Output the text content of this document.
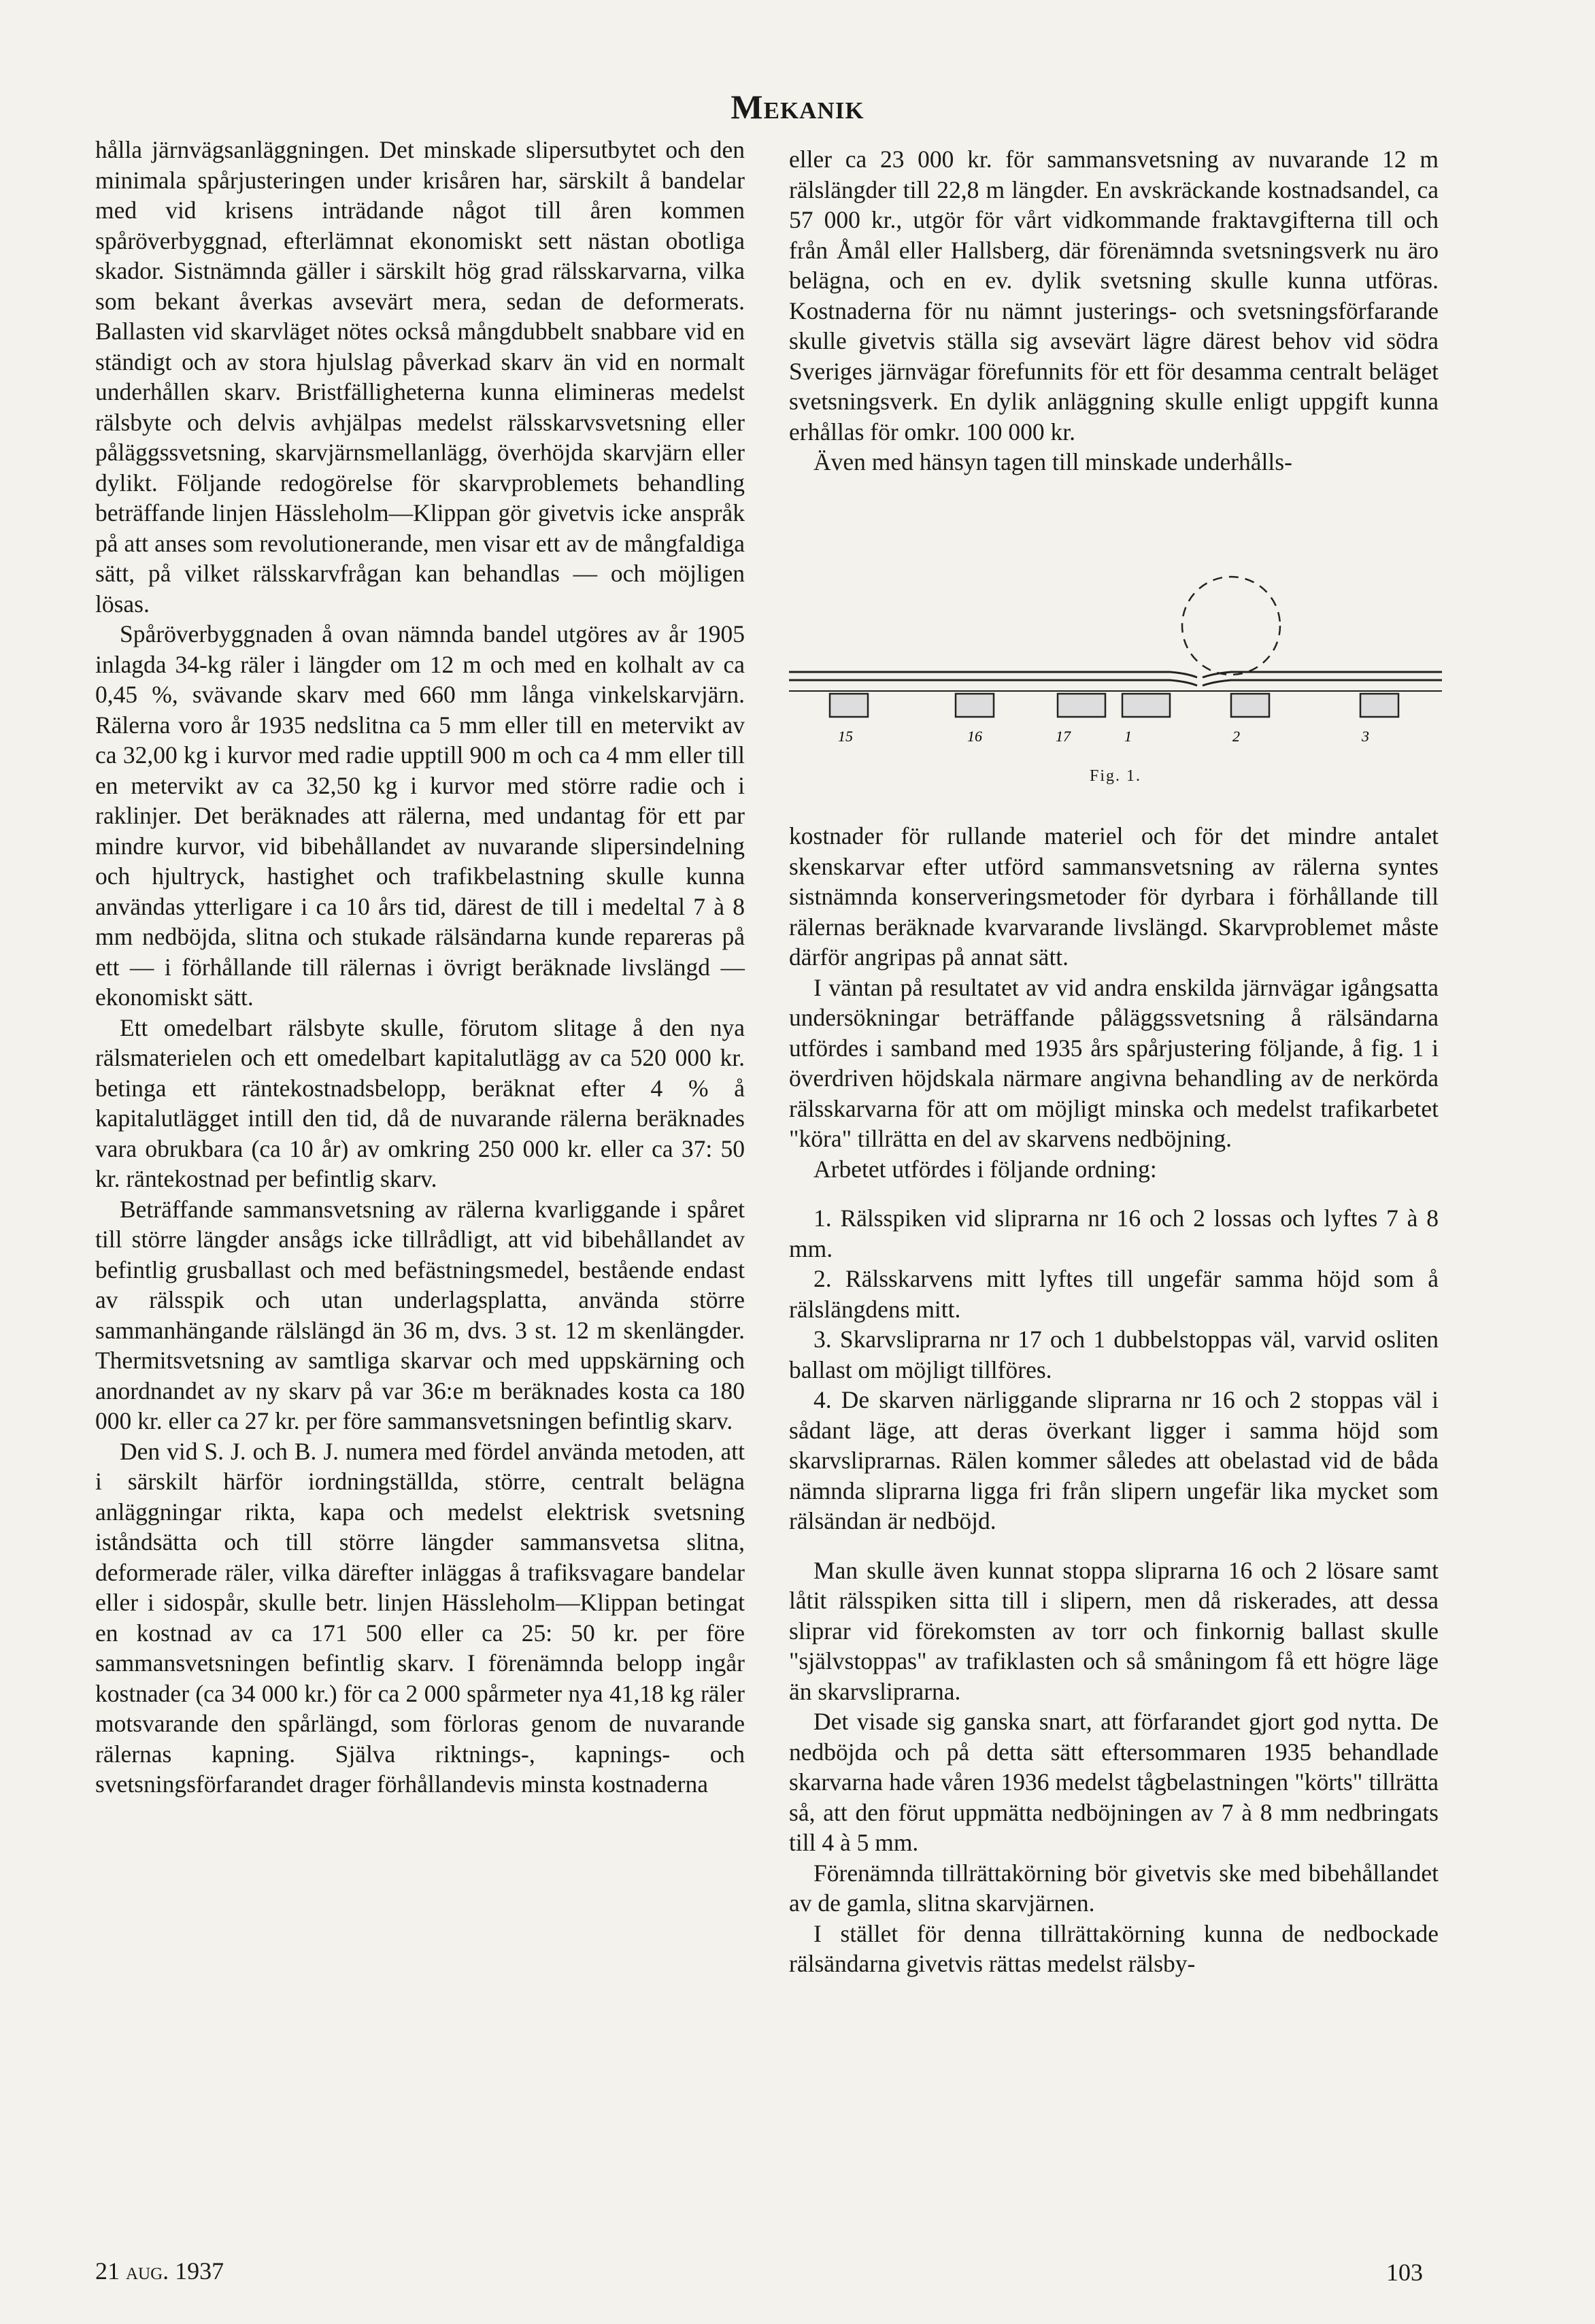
Mekanik

hålla järnvägsanläggningen. Det minskade slipersutbytet och den minimala spårjusteringen under krisåren har, särskilt å bandelar med vid krisens inträdande något till åren kommen spåröverbyggnad, efterlämnat ekonomiskt sett nästan obotliga skador. Sistnämnda gäller i särskilt hög grad rälsskarvarna, vilka som bekant åverkas avsevärt mera, sedan de deformerats. Ballasten vid skarvläget nötes också mångdubbelt snabbare vid en ständigt och av stora hjulslag påverkad skarv än vid en normalt underhållen skarv. Bristfälligheterna kunna elimineras medelst rälsbyte och delvis avhjälpas medelst rälsskarvsvetsning eller påläggssvetsning, skarvjärnsmellanlägg, överhöjda skarvjärn eller dylikt. Följande redogörelse för skarvproblemets behandling beträffande linjen Hässleholm—Klippan gör givetvis icke anspråk på att anses som revolutionerande, men visar ett av de mångfaldiga sätt, på vilket rälsskarvfrågan kan behandlas — och möjligen lösas.

Spåröverbyggnaden å ovan nämnda bandel utgöres av år 1905 inlagda 34-kg räler i längder om 12 m och med en kolhalt av ca 0,45 %, svävande skarv med 660 mm långa vinkelskarvjärn. Rälerna voro år 1935 nedslitna ca 5 mm eller till en metervikt av ca 32,00 kg i kurvor med radie upptill 900 m och ca 4 mm eller till en metervikt av ca 32,50 kg i kurvor med större radie och i raklinjer. Det beräknades att rälerna, med undantag för ett par mindre kurvor, vid bibehållandet av nuvarande slipersindelning och hjultryck, hastighet och trafikbelastning skulle kunna användas ytterligare i ca 10 års tid, därest de till i medeltal 7 à 8 mm nedböjda, slitna och stukade rälsändarna kunde repareras på ett — i förhållande till rälernas i övrigt beräknade livslängd — ekonomiskt sätt.

Ett omedelbart rälsbyte skulle, förutom slitage å den nya rälsmaterielen och ett omedelbart kapitalutlägg av ca 520 000 kr. betinga ett räntekostnadsbelopp, beräknat efter 4 % å kapitalutlägget intill den tid, då de nuvarande rälerna beräknades vara obrukbara (ca 10 år) av omkring 250 000 kr. eller ca 37: 50 kr. räntekostnad per befintlig skarv.

Beträffande sammansvetsning av rälerna kvarliggande i spåret till större längder ansågs icke tillrådligt, att vid bibehållandet av befintlig grusballast och med befästningsmedel, bestående endast av rälsspik och utan underlagsplatta, använda större sammanhängande rälslängd än 36 m, dvs. 3 st. 12 m skenlängder. Thermitsvetsning av samtliga skarvar och med uppskärning och anordnandet av ny skarv på var 36:e m beräknades kosta ca 180 000 kr. eller ca 27 kr. per före sammansvetsningen befintlig skarv.

Den vid S. J. och B. J. numera med fördel använda metoden, att i särskilt härför iordningställda, större, centralt belägna anläggningar rikta, kapa och medelst elektrisk svetsning iståndsätta och till större längder sammansvetsa slitna, deformerade räler, vilka därefter inläggas å trafiksvagare bandelar eller i sidospår, skulle betr. linjen Hässleholm—Klippan betingat en kostnad av ca 171 500 eller ca 25: 50 kr. per före sammansvetsningen befintlig skarv. I förenämnda belopp ingår kostnader (ca 34 000 kr.) för ca 2 000 spårmeter nya 41,18 kg räler motsvarande den spårlängd, som förloras genom de nuvarande rälernas kapning. Själva riktnings-, kapnings- och svetsningsförfarandet drager förhållandevis minsta kostnaderna

eller ca 23 000 kr. för sammansvetsning av nuvarande 12 m rälslängder till 22,8 m längder. En avskräckande kostnadsandel, ca 57 000 kr., utgör för vårt vidkommande fraktavgifterna till och från Åmål eller Hallsberg, där förenämnda svetsningsverk nu äro belägna, och en ev. dylik svetsning skulle kunna utföras. Kostnaderna för nu nämnt justerings- och svetsningsförfarande skulle givetvis ställa sig avsevärt lägre därest behov vid södra Sveriges järnvägar förefunnits för ett för desamma centralt beläget svetsningsverk. En dylik anläggning skulle enligt uppgift kunna erhållas för omkr. 100 000 kr.

Även med hänsyn tagen till minskade underhålls-

15	16	17	1	2	3
Fig. 1.

kostnader för rullande materiel och för det mindre antalet skenskarvar efter utförd sammansvetsning av rälerna syntes sistnämnda konserveringsmetoder för dyrbara i förhållande till rälernas beräknade kvarvarande livslängd. Skarvproblemet måste därför angripas på annat sätt.

I väntan på resultatet av vid andra enskilda järnvägar igångsatta undersökningar beträffande påläggssvetsning å rälsändarna utfördes i samband med 1935 års spårjustering följande, å fig. 1 i överdriven höjdskala närmare angivna behandling av de nerkörda rälsskarvarna för att om möjligt minska och medelst trafikarbetet "köra" tillrätta en del av skarvens nedböjning.

Arbetet utfördes i följande ordning:

1. Rälsspiken vid sliprarna nr 16 och 2 lossas och lyftes 7 à 8 mm.

2. Rälsskarvens mitt lyftes till ungefär samma höjd som å rälslängdens mitt.

3. Skarvsliprarna nr 17 och 1 dubbelstoppas väl, varvid osliten ballast om möjligt tillföres.

4. De skarven närliggande sliprarna nr 16 och 2 stoppas väl i sådant läge, att deras överkant ligger i samma höjd som skarvsliprarnas. Rälen kommer således att obelastad vid de båda nämnda sliprarna ligga fri från slipern ungefär lika mycket som rälsändan är nedböjd.

Man skulle även kunnat stoppa sliprarna 16 och 2 lösare samt låtit rälsspiken sitta till i slipern, men då riskerades, att dessa sliprar vid förekomsten av torr och finkornig ballast skulle "självstoppas" av trafiklasten och så småningom få ett högre läge än skarvsliprarna.

Det visade sig ganska snart, att förfarandet gjort god nytta. De nedböjda och på detta sätt eftersommaren 1935 behandlade skarvarna hade våren 1936 medelst tågbelastningen "körts" tillrätta så, att den förut uppmätta nedböjningen av 7 à 8 mm nedbringats till 4 à 5 mm.

Förenämnda tillrättakörning bör givetvis ske med bibehållandet av de gamla, slitna skarvjärnen.

I stället för denna tillrättakörning kunna de nedbockade rälsändarna givetvis rättas medelst rälsby-

21 aug. 1937	103
